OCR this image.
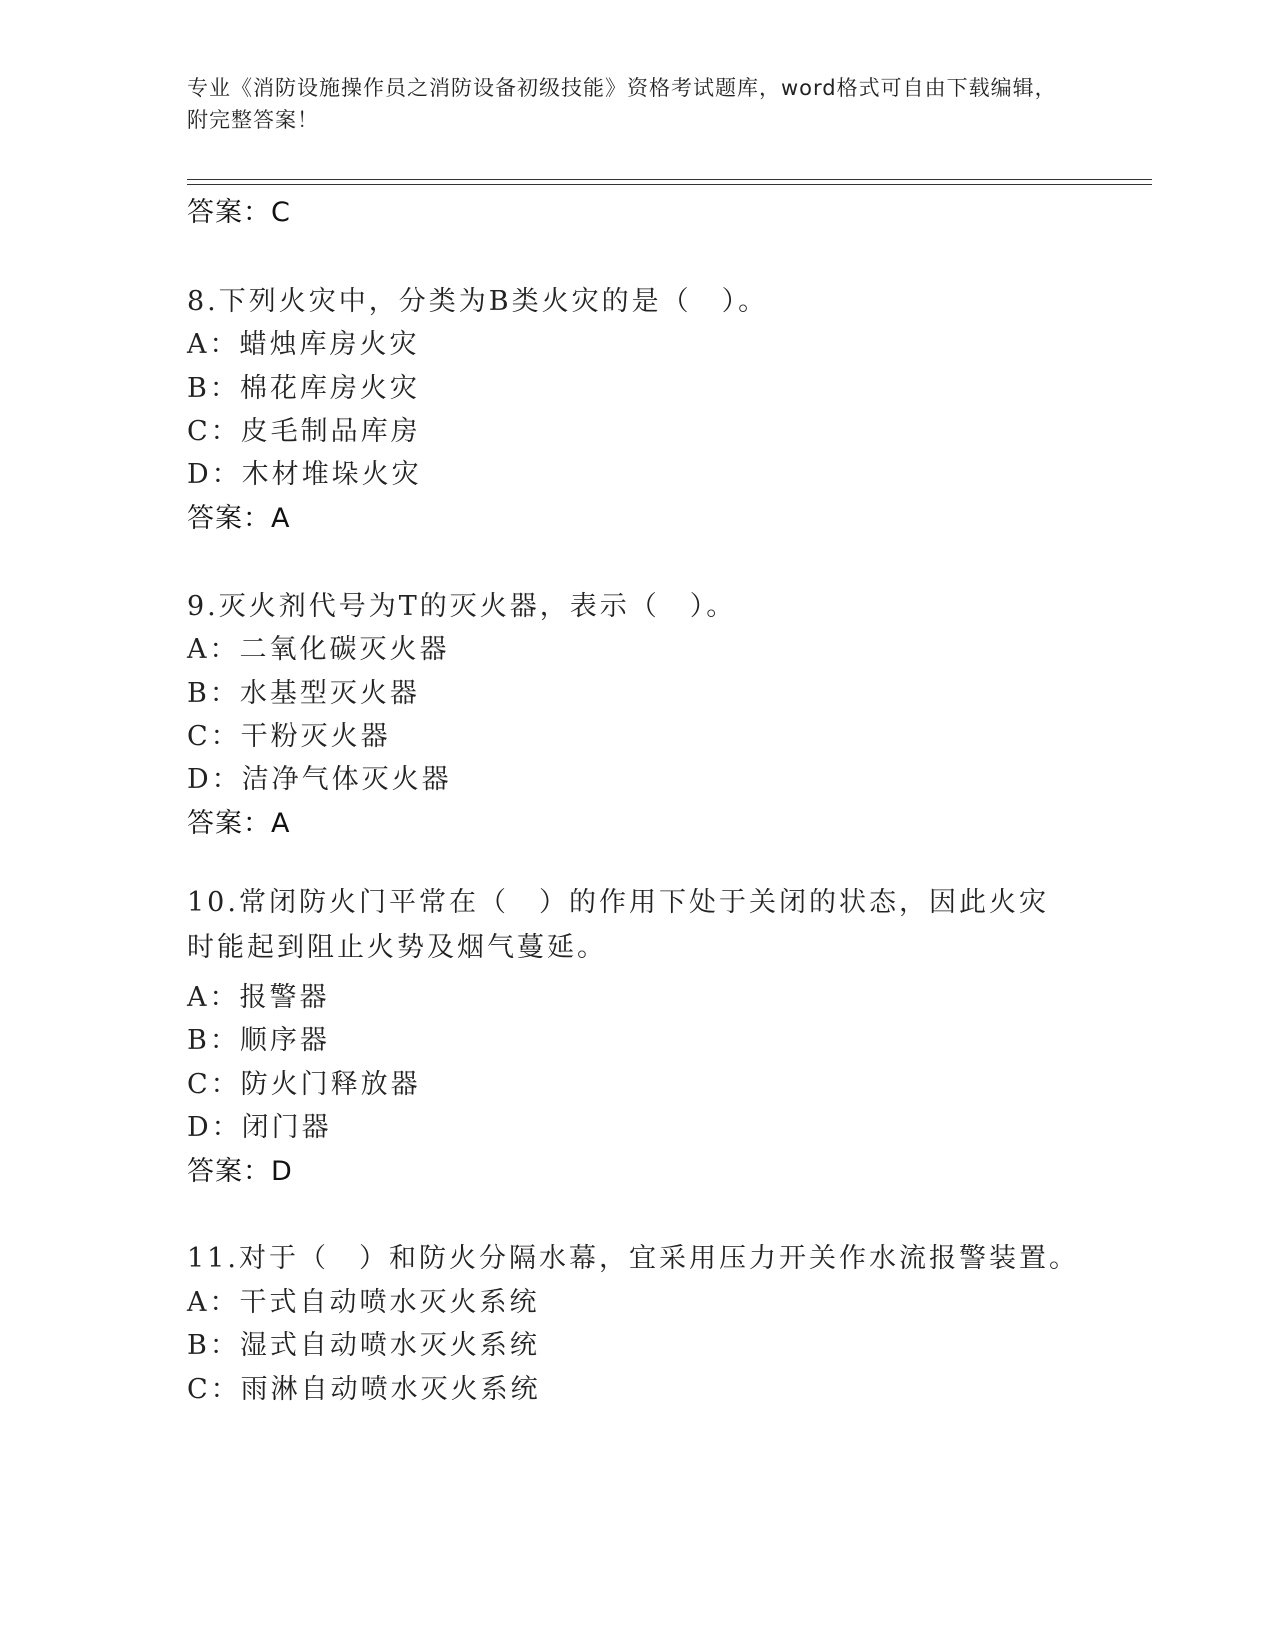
专业《消防设施操作员之消防设备初级技能》资格考试题库，word格式可自由下载编辑，附完整答案！
答案：C
8.下列火灾中，分类为B类火灾的是（　）。
A：蜡烛库房火灾
B：棉花库房火灾
C：皮毛制品库房
D：木材堆垛火灾
答案：A
9.灭火剂代号为T的灭火器，表示（　）。
A：二氧化碳灭火器
B：水基型灭火器
C：干粉灭火器
D：洁净气体灭火器
答案：A
10.常闭防火门平常在（　）的作用下处于关闭的状态，因此火灾时能起到阻止火势及烟气蔓延。
A：报警器
B：顺序器
C：防火门释放器
D：闭门器
答案：D
11.对于（　）和防火分隔水幕，宜采用压力开关作水流报警装置。
A：干式自动喷水灭火系统
B：湿式自动喷水灭火系统
C：雨淋自动喷水灭火系统
